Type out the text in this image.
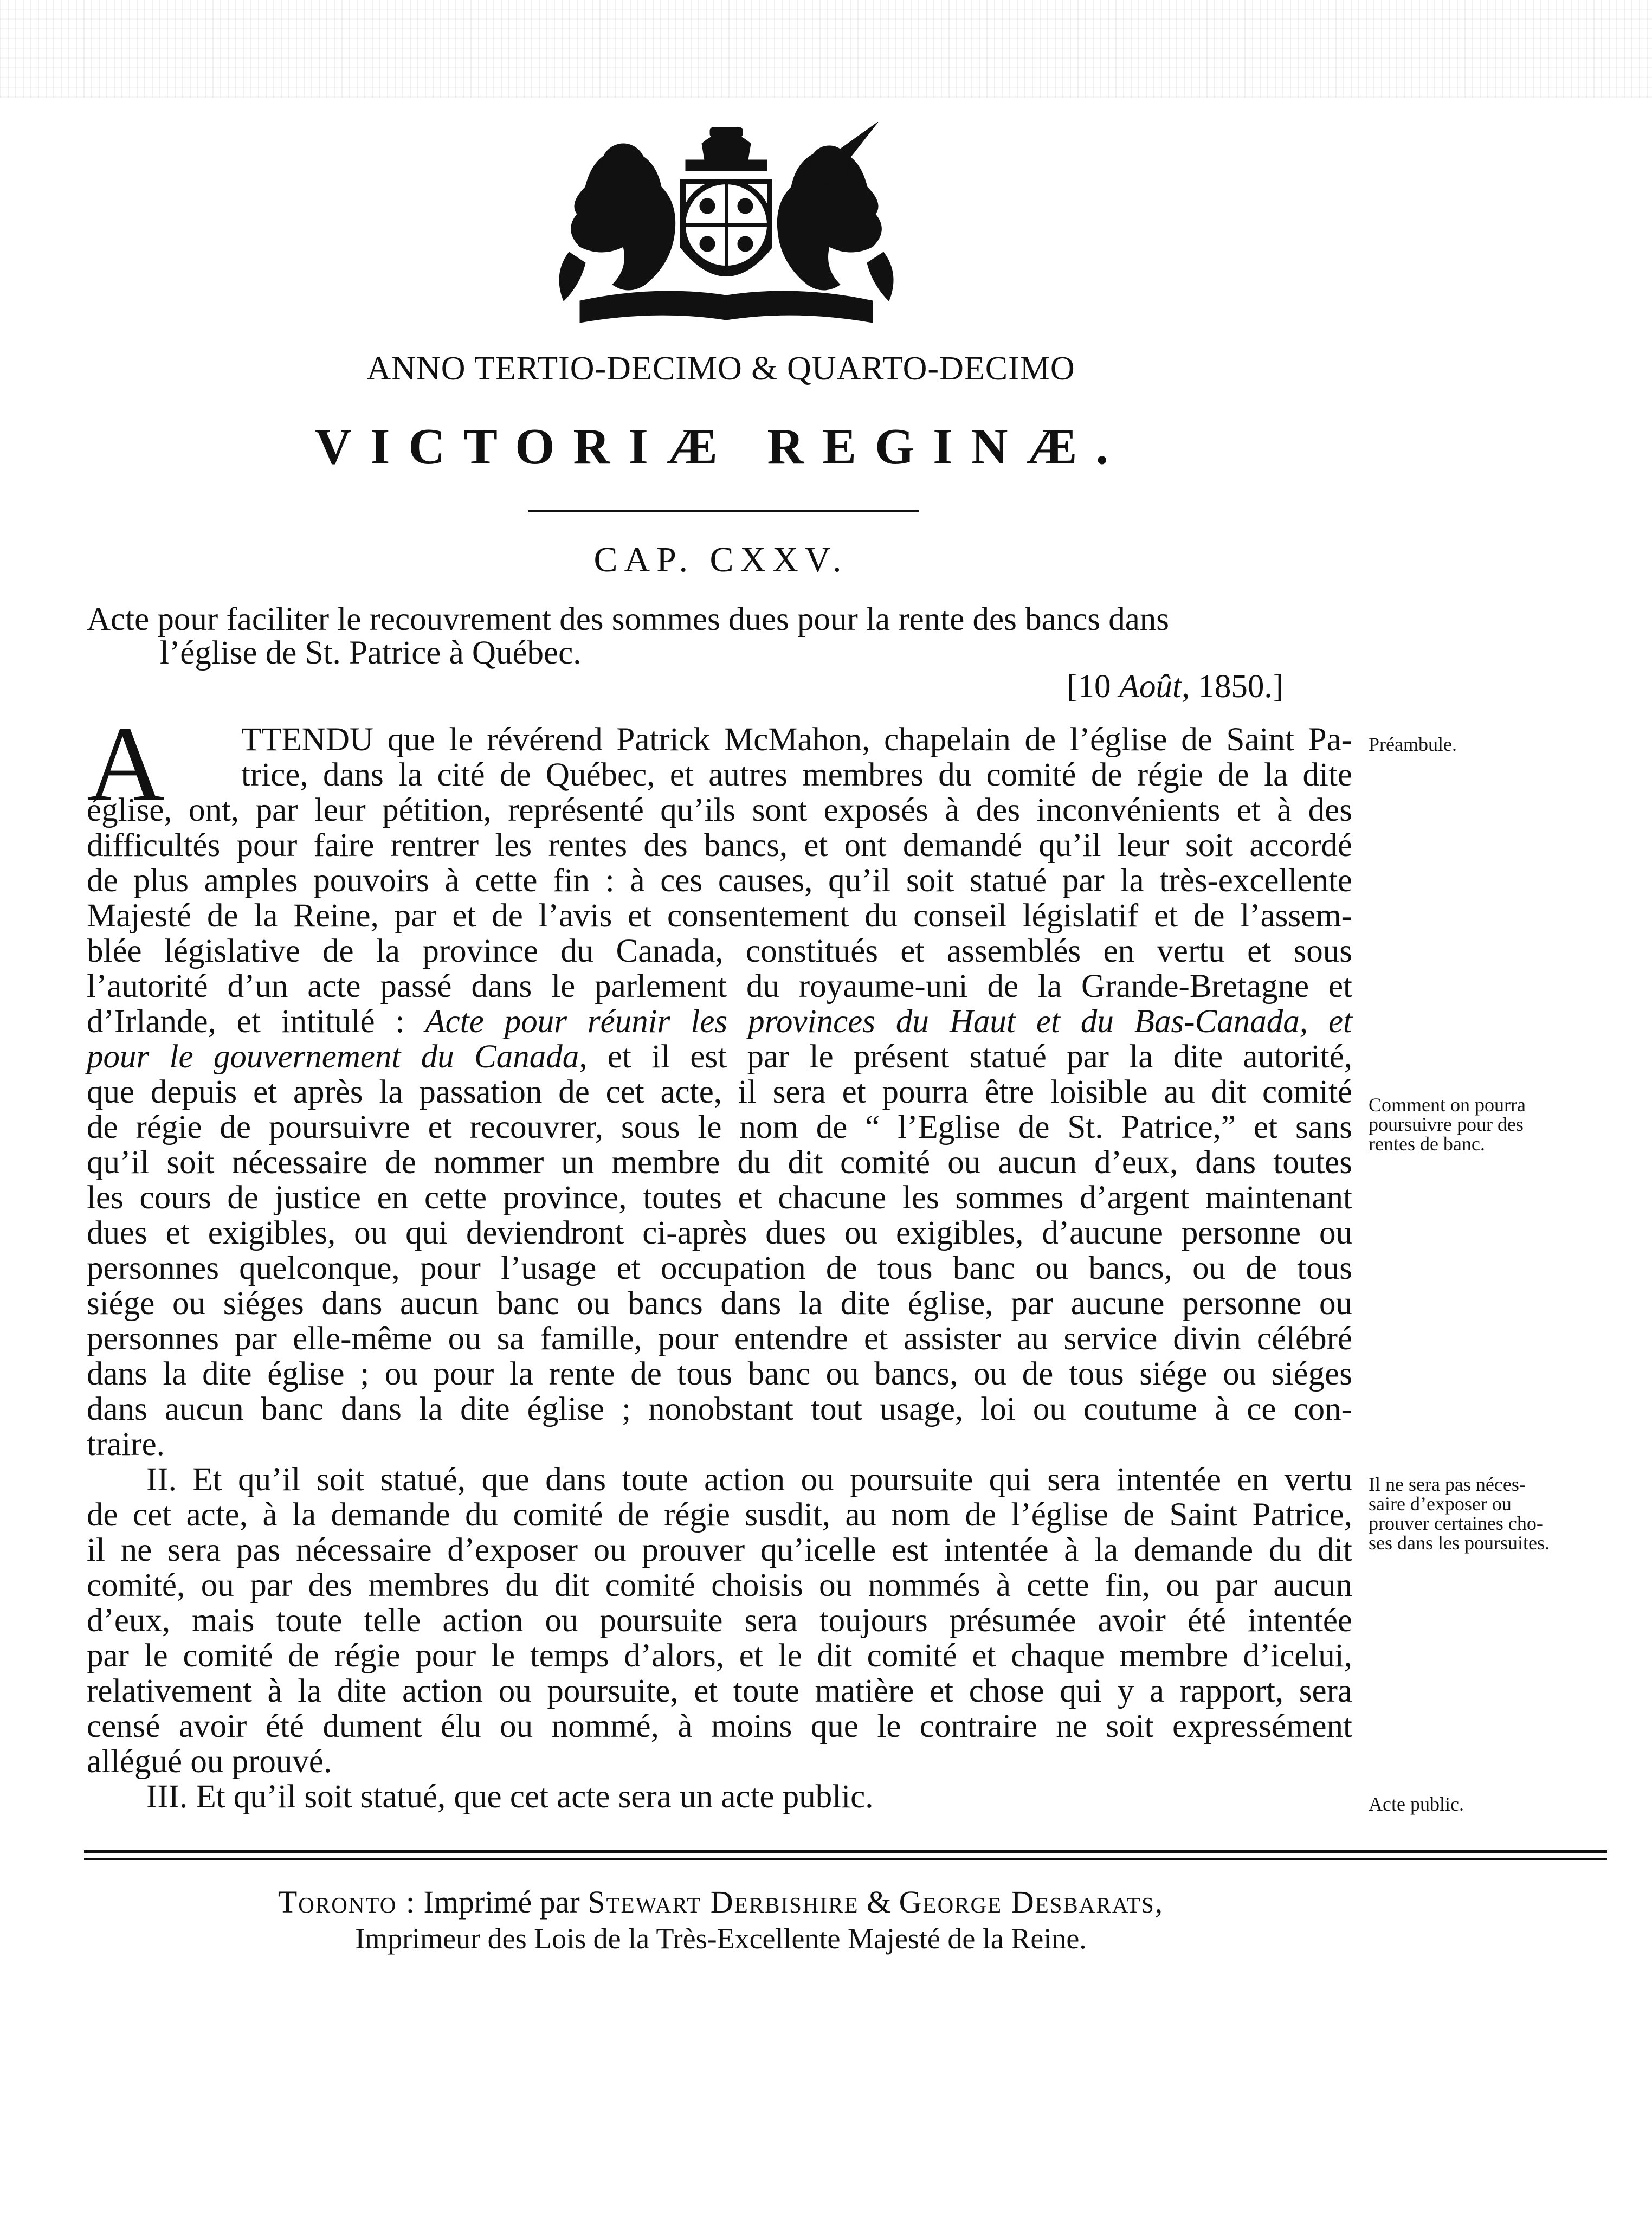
ANNO TERTIO-DECIMO & QUARTO-DECIMO
VICTORIÆ REGINÆ.
CAP. CXXV.
Acte pour faciliter le recouvrement des sommes dues pour la rente des bancs dans
l’église de St. Patrice à Québec.
[10 Août, 1850.]
A TTENDU que le révérend Patrick McMahon, chapelain de l’église de Saint Pa-
trice, dans la cité de Québec, et autres membres du comité de régie de la dite
église, ont, par leur pétition, représenté qu’ils sont exposés à des inconvénients et à des
difficultés pour faire rentrer les rentes des bancs, et ont demandé qu’il leur soit accordé
de plus amples pouvoirs à cette fin : à ces causes, qu’il soit statué par la très-excellente
Majesté de la Reine, par et de l’avis et consentement du conseil législatif et de l’assem-
blée législative de la province du Canada, constitués et assemblés en vertu et sous
l’autorité d’un acte passé dans le parlement du royaume-uni de la Grande-Bretagne et
d’Irlande, et intitulé : Acte pour réunir les provinces du Haut et du Bas-Canada, et
pour le gouvernement du Canada, et il est par le présent statué par la dite autorité,
que depuis et après la passation de cet acte, il sera et pourra être loisible au dit comité
de régie de poursuivre et recouvrer, sous le nom de “ l’Eglise de St. Patrice,” et sans
qu’il soit nécessaire de nommer un membre du dit comité ou aucun d’eux, dans toutes
les cours de justice en cette province, toutes et chacune les sommes d’argent maintenant
dues et exigibles, ou qui deviendront ci-après dues ou exigibles, d’aucune personne ou
personnes quelconque, pour l’usage et occupation de tous banc ou bancs, ou de tous
siége ou siéges dans aucun banc ou bancs dans la dite église, par aucune personne ou
personnes par elle-même ou sa famille, pour entendre et assister au service divin célébré
dans la dite église ; ou pour la rente de tous banc ou bancs, ou de tous siége ou siéges
dans aucun banc dans la dite église ; nonobstant tout usage, loi ou coutume à ce con-
traire.
II. Et qu’il soit statué, que dans toute action ou poursuite qui sera intentée en vertu
de cet acte, à la demande du comité de régie susdit, au nom de l’église de Saint Patrice,
il ne sera pas nécessaire d’exposer ou prouver qu’icelle est intentée à la demande du dit
comité, ou par des membres du dit comité choisis ou nommés à cette fin, ou par aucun
d’eux, mais toute telle action ou poursuite sera toujours présumée avoir été intentée
par le comité de régie pour le temps d’alors, et le dit comité et chaque membre d’icelui,
relativement à la dite action ou poursuite, et toute matière et chose qui y a rapport, sera
censé avoir été dument élu ou nommé, à moins que le contraire ne soit expressément
allégué ou prouvé.
III. Et qu’il soit statué, que cet acte sera un acte public.
Préambule.
Comment on pourra
poursuivre pour des
rentes de banc.
Il ne sera pas néces-
saire d’exposer ou
prouver certaines cho-
ses dans les poursuites.
Acte public.
Toronto : Imprimé par Stewart Derbishire & George Desbarats,
Imprimeur des Lois de la Très-Excellente Majesté de la Reine.
